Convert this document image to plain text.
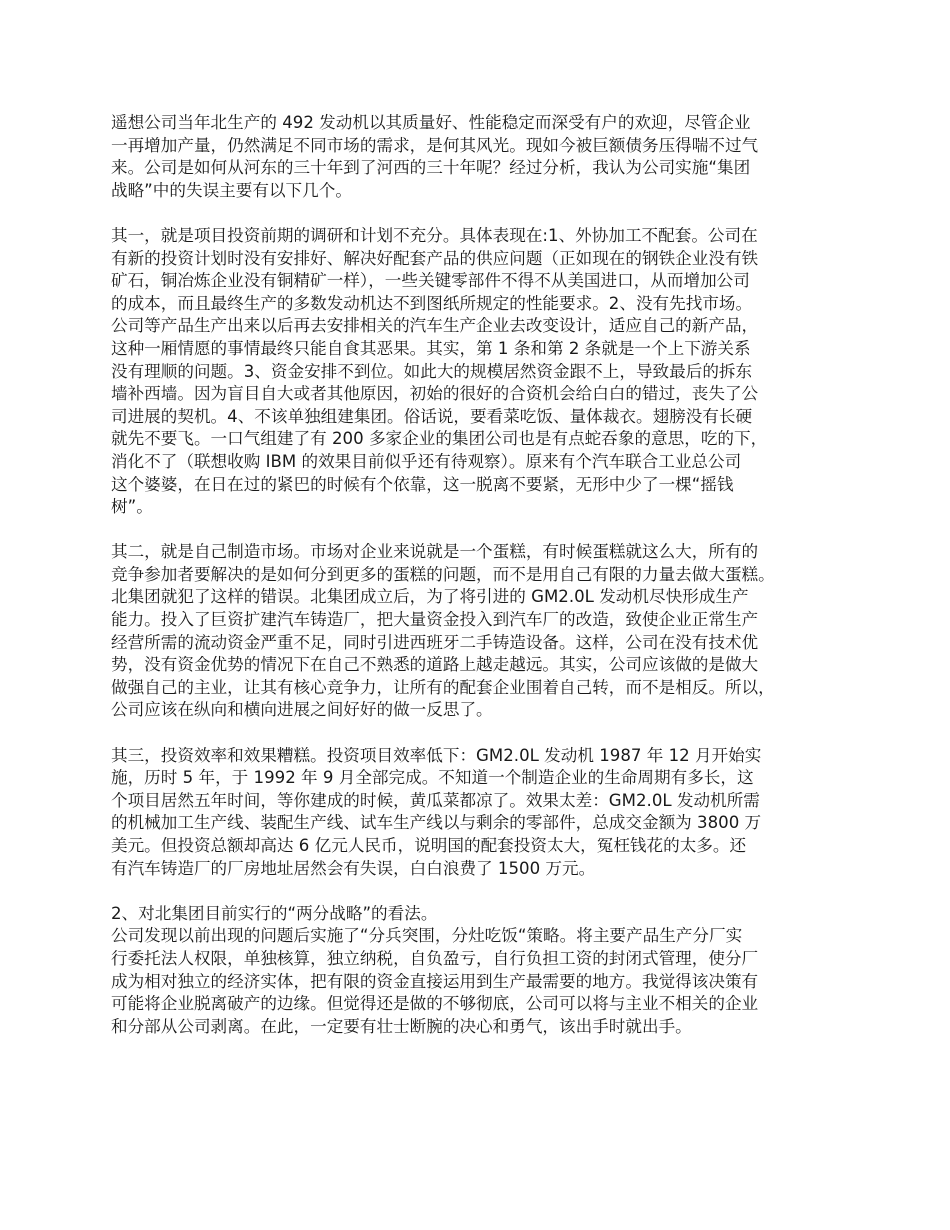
遥想公司当年北生产的 492 发动机以其质量好、性能稳定而深受有户的欢迎，尽管企业
一再增加产量，仍然满足不同市场的需求，是何其风光。现如今被巨额债务压得喘不过气
来。公司是如何从河东的三十年到了河西的三十年呢？经过分析，我认为公司实施“集团
战略”中的失误主要有以下几个。

其一，就是项目投资前期的调研和计划不充分。具体表现在:1、外协加工不配套。公司在
有新的投资计划时没有安排好、解决好配套产品的供应问题（正如现在的钢铁企业没有铁
矿石，铜冶炼企业没有铜精矿一样），一些关键零部件不得不从美国进口，从而增加公司
的成本，而且最终生产的多数发动机达不到图纸所规定的性能要求。2、没有先找市场。
公司等产品生产出来以后再去安排相关的汽车生产企业去改变设计，适应自己的新产品，
这种一厢情愿的事情最终只能自食其恶果。其实，第 1 条和第 2 条就是一个上下游关系
没有理顺的问题。3、资金安排不到位。如此大的规模居然资金跟不上，导致最后的拆东
墙补西墙。因为盲目自大或者其他原因，初始的很好的合资机会给白白的错过，丧失了公
司进展的契机。4、不该单独组建集团。俗话说，要看菜吃饭、量体裁衣。翅膀没有长硬
就先不要飞。一口气组建了有 200 多家企业的集团公司也是有点蛇吞象的意思，吃的下，
消化不了（联想收购 IBM 的效果目前似乎还有待观察）。原来有个汽车联合工业总公司
这个婆婆，在日在过的紧巴的时候有个依靠，这一脱离不要紧，无形中少了一棵“摇钱
树”。

其二，就是自己制造市场。市场对企业来说就是一个蛋糕，有时候蛋糕就这么大，所有的
竞争参加者要解决的是如何分到更多的蛋糕的问题，而不是用自己有限的力量去做大蛋糕。
北集团就犯了这样的错误。北集团成立后，为了将引进的 GM2.0L 发动机尽快形成生产
能力。投入了巨资扩建汽车铸造厂，把大量资金投入到汽车厂的改造，致使企业正常生产
经营所需的流动资金严重不足，同时引进西班牙二手铸造设备。这样，公司在没有技术优
势，没有资金优势的情况下在自己不熟悉的道路上越走越远。其实，公司应该做的是做大
做强自己的主业，让其有核心竞争力，让所有的配套企业围着自己转，而不是相反。所以，
公司应该在纵向和横向进展之间好好的做一反思了。

其三，投资效率和效果糟糕。投资项目效率低下：GM2.0L 发动机 1987 年 12 月开始实
施，历时 5 年，于 1992 年 9 月全部完成。不知道一个制造企业的生命周期有多长，这
个项目居然五年时间，等你建成的时候，黄瓜菜都凉了。效果太差：GM2.0L 发动机所需
的机械加工生产线、装配生产线、试车生产线以与剩余的零部件，总成交金额为 3800 万
美元。但投资总额却高达 6 亿元人民币，说明国的配套投资太大，冤枉钱花的太多。还
有汽车铸造厂的厂房地址居然会有失误，白白浪费了 1500 万元。

2、对北集团目前实行的“两分战略”的看法。

公司发现以前出现的问题后实施了“分兵突围，分灶吃饭“策略。将主要产品生产分厂实
行委托法人权限，单独核算，独立纳税，自负盈亏，自行负担工资的封闭式管理，使分厂
成为相对独立的经济实体，把有限的资金直接运用到生产最需要的地方。我觉得该决策有
可能将企业脱离破产的边缘。但觉得还是做的不够彻底，公司可以将与主业不相关的企业
和分部从公司剥离。在此，一定要有壮士断腕的决心和勇气，该出手时就出手。
